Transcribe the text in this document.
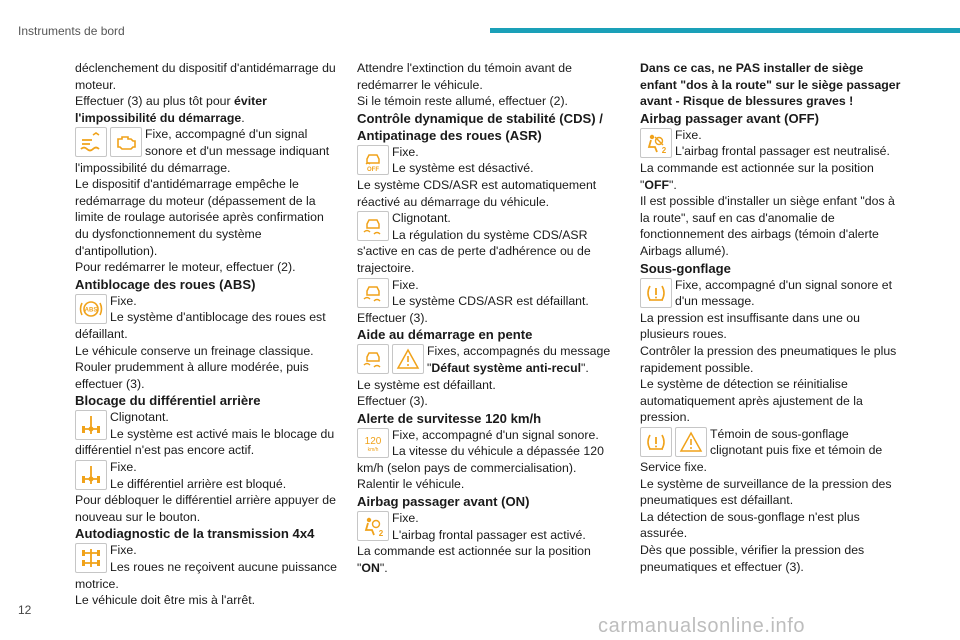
Instruments de bord

déclenchement du dispositif d'antidémarrage du moteur.

Effectuer (3) au plus tôt pour éviter l'impossibilité du démarrage.

Fixe, accompagné d'un signal sonore et d'un message indiquant l'impossibilité du démarrage.

Le dispositif d'antidémarrage empêche le redémarrage du moteur (dépassement de la limite de roulage autorisée après confirmation du dysfonctionnement du système d'antipollution).

Pour redémarrer le moteur, effectuer (2).

Antiblocage des roues (ABS)

ABS

Fixe.

Le système d'antiblocage des roues est défaillant.

Le véhicule conserve un freinage classique.

Rouler prudemment à allure modérée, puis effectuer (3).

Blocage du différentiel arrière

Clignotant.

Le système est activé mais le blocage du différentiel n'est pas encore actif.

Fixe.

Le différentiel arrière est bloqué.

Pour débloquer le différentiel arrière appuyer de nouveau sur le bouton.

Autodiagnostic de la transmission 4x4

Fixe.

Les roues ne reçoivent aucune puissance motrice.

Le véhicule doit être mis à l'arrêt.

Attendre l'extinction du témoin avant de redémarrer le véhicule.

Si le témoin reste allumé, effectuer (2).

Contrôle dynamique de stabilité (CDS) / Antipatinage des roues (ASR)

OFF

Fixe.

Le système est désactivé.

Le système CDS/ASR est automatiquement réactivé au démarrage du véhicule.

Clignotant.

La régulation du système CDS/ASR s'active en cas de perte d'adhérence ou de trajectoire.

Fixe.

Le système CDS/ASR est défaillant.

Effectuer (3).

Aide au démarrage en pente

Fixes, accompagnés du message "Défaut système anti-recul".

Le système est défaillant.

Effectuer (3).

Alerte de survitesse 120 km/h

120
km/h

Fixe, accompagné d'un signal sonore.

La vitesse du véhicule a dépassée 120 km/h (selon pays de commercialisation).

Ralentir le véhicule.

Airbag passager avant (ON)

2

Fixe.

L'airbag frontal passager est activé.

La commande est actionnée sur la position "ON".

Dans ce cas, ne PAS installer de siège enfant "dos à la route" sur le siège passager avant - Risque de blessures graves !

Airbag passager avant (OFF)

2

Fixe.

L'airbag frontal passager est neutralisé.

La commande est actionnée sur la position "OFF".

Il est possible d'installer un siège enfant "dos à la route", sauf en cas d'anomalie de fonctionnement des airbags (témoin d'alerte Airbags allumé).

Sous-gonflage

Fixe, accompagné d'un signal sonore et d'un message.

La pression est insuffisante dans une ou plusieurs roues.

Contrôler la pression des pneumatiques le plus rapidement possible.

Le système de détection se réinitialise automatiquement après ajustement de la pression.

Témoin de sous-gonflage clignotant puis fixe et témoin de Service fixe.

Le système de surveillance de la pression des pneumatiques est défaillant.

La détection de sous-gonflage n'est plus assurée.

Dès que possible, vérifier la pression des pneumatiques et effectuer (3).

12
carmanualsonline.info
